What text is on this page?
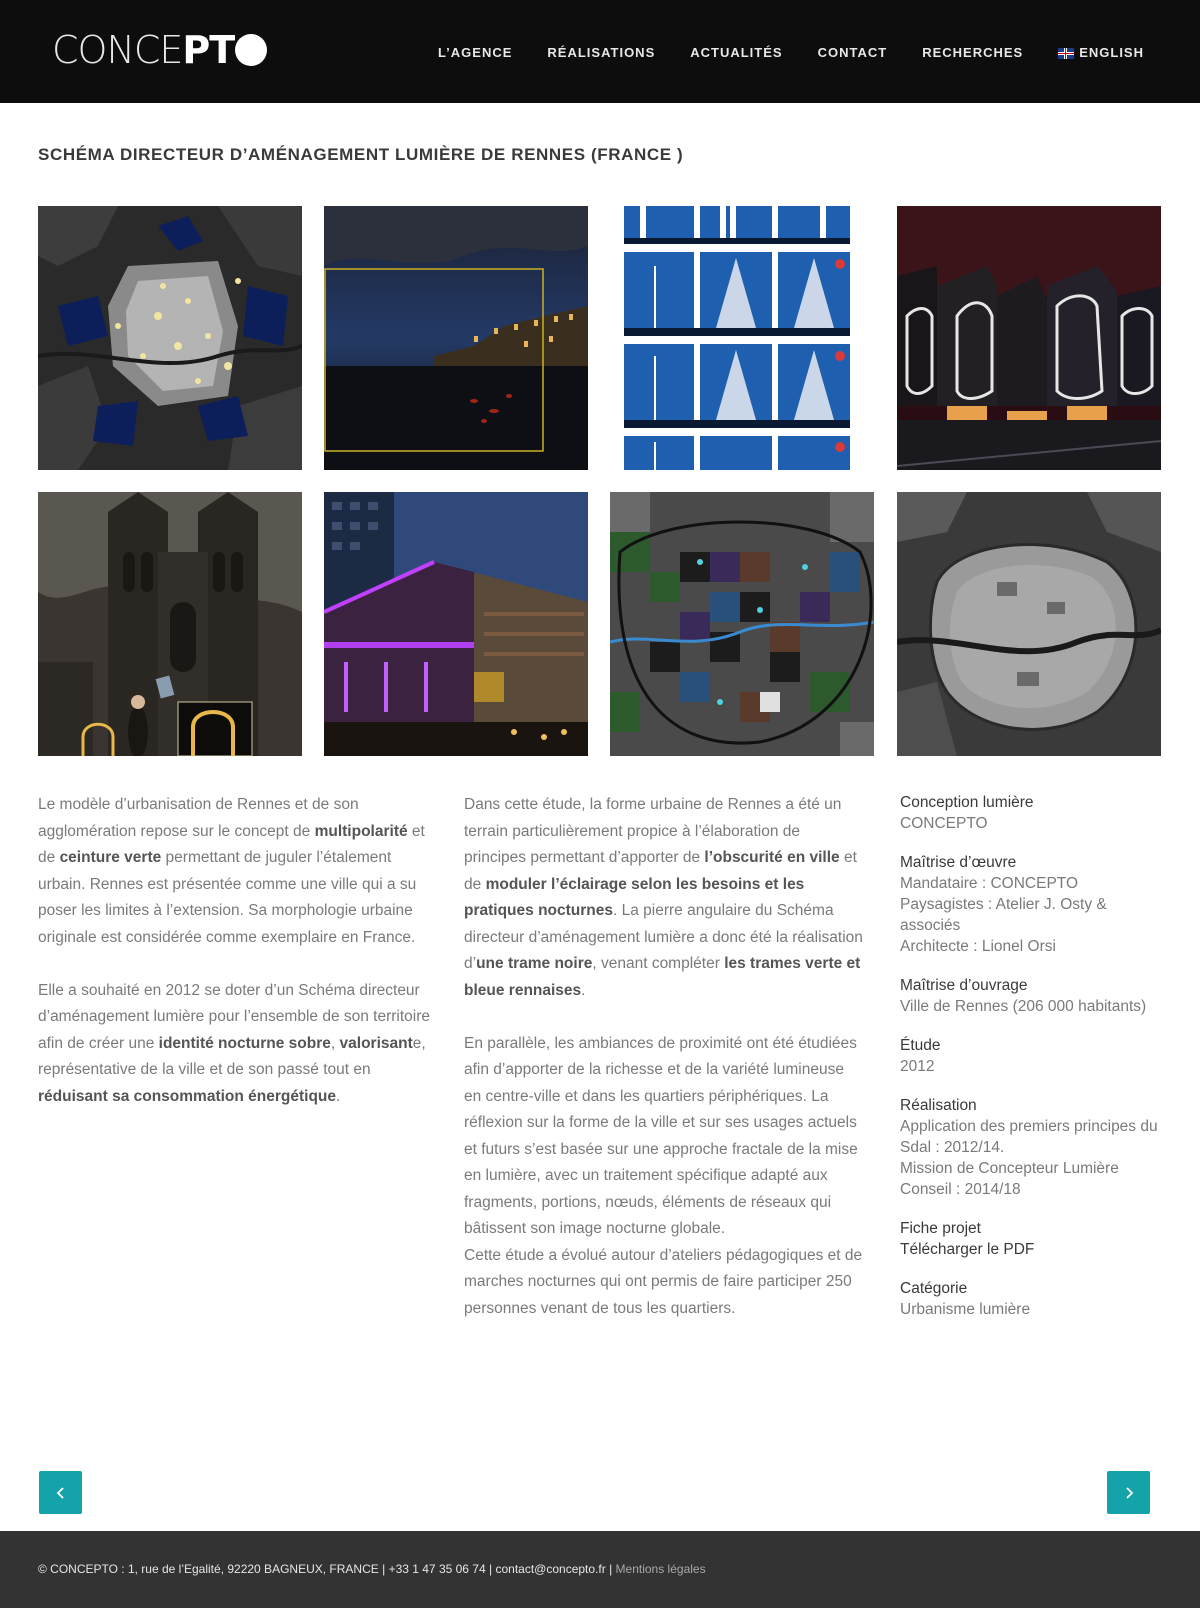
CONCE PT	L’AGENCE	RÉALISATIONS	ACTUALITÉS	CONTACT	RECHERCHES	ENGLISH
SCHÉMA DIRECTEUR D’AMÉNAGEMENT LUMIÈRE DE RENNES (FRANCE )

Le modèle d’urbanisation de Rennes et de son agglomération repose sur le concept de multipolarité et de ceinture verte permettant de juguler l’étalement urbain. Rennes est présentée comme une ville qui a su poser les limites à l’extension. Sa morphologie urbaine originale est considérée comme exemplaire en France.

Elle a souhaité en 2012 se doter d’un Schéma directeur d’aménagement lumière pour l’ensemble de son territoire afin de créer une identité nocturne sobre, valorisante, représentative de la ville et de son passé tout en réduisant sa consommation énergétique.

Dans cette étude, la forme urbaine de Rennes a été un terrain particulièrement propice à l’élaboration de principes permettant d’apporter de l’obscurité en ville et de moduler l’éclairage selon les besoins et les pratiques nocturnes. La pierre angulaire du Schéma directeur d’aménagement lumière a donc été la réalisation d’une trame noire, venant compléter les trames verte et bleue rennaises.

En parallèle, les ambiances de proximité ont été étudiées afin d’apporter de la richesse et de la variété lumineuse en centre-ville et dans les quartiers périphériques. La réflexion sur la forme de la ville et sur ses usages actuels et futurs s’est basée sur une approche fractale de la mise en lumière, avec un traitement spécifique adapté aux fragments, portions, nœuds, éléments de réseaux qui bâtissent son image nocturne globale.

Cette étude a évolué autour d’ateliers pédagogiques et de marches nocturnes qui ont permis de faire participer 250 personnes venant de tous les quartiers.

Conception lumière
CONCEPTO
Maîtrise d’œuvre
Mandataire : CONCEPTO
Paysagistes : Atelier J. Osty & associés
Architecte : Lionel Orsi
Maîtrise d’ouvrage
Ville de Rennes (206 000 habitants)
Étude
2012
Réalisation
Application des premiers principes du Sdal : 2012/14.
Mission de Concepteur Lumière Conseil : 2014/18
Fiche projet
Télécharger le PDF
Catégorie
Urbanisme lumière
© CONCEPTO : 1, rue de l’Egalité, 92220 BAGNEUX, FRANCE | +33 1 47 35 06 74 | contact@concepto.fr | Mentions légales
